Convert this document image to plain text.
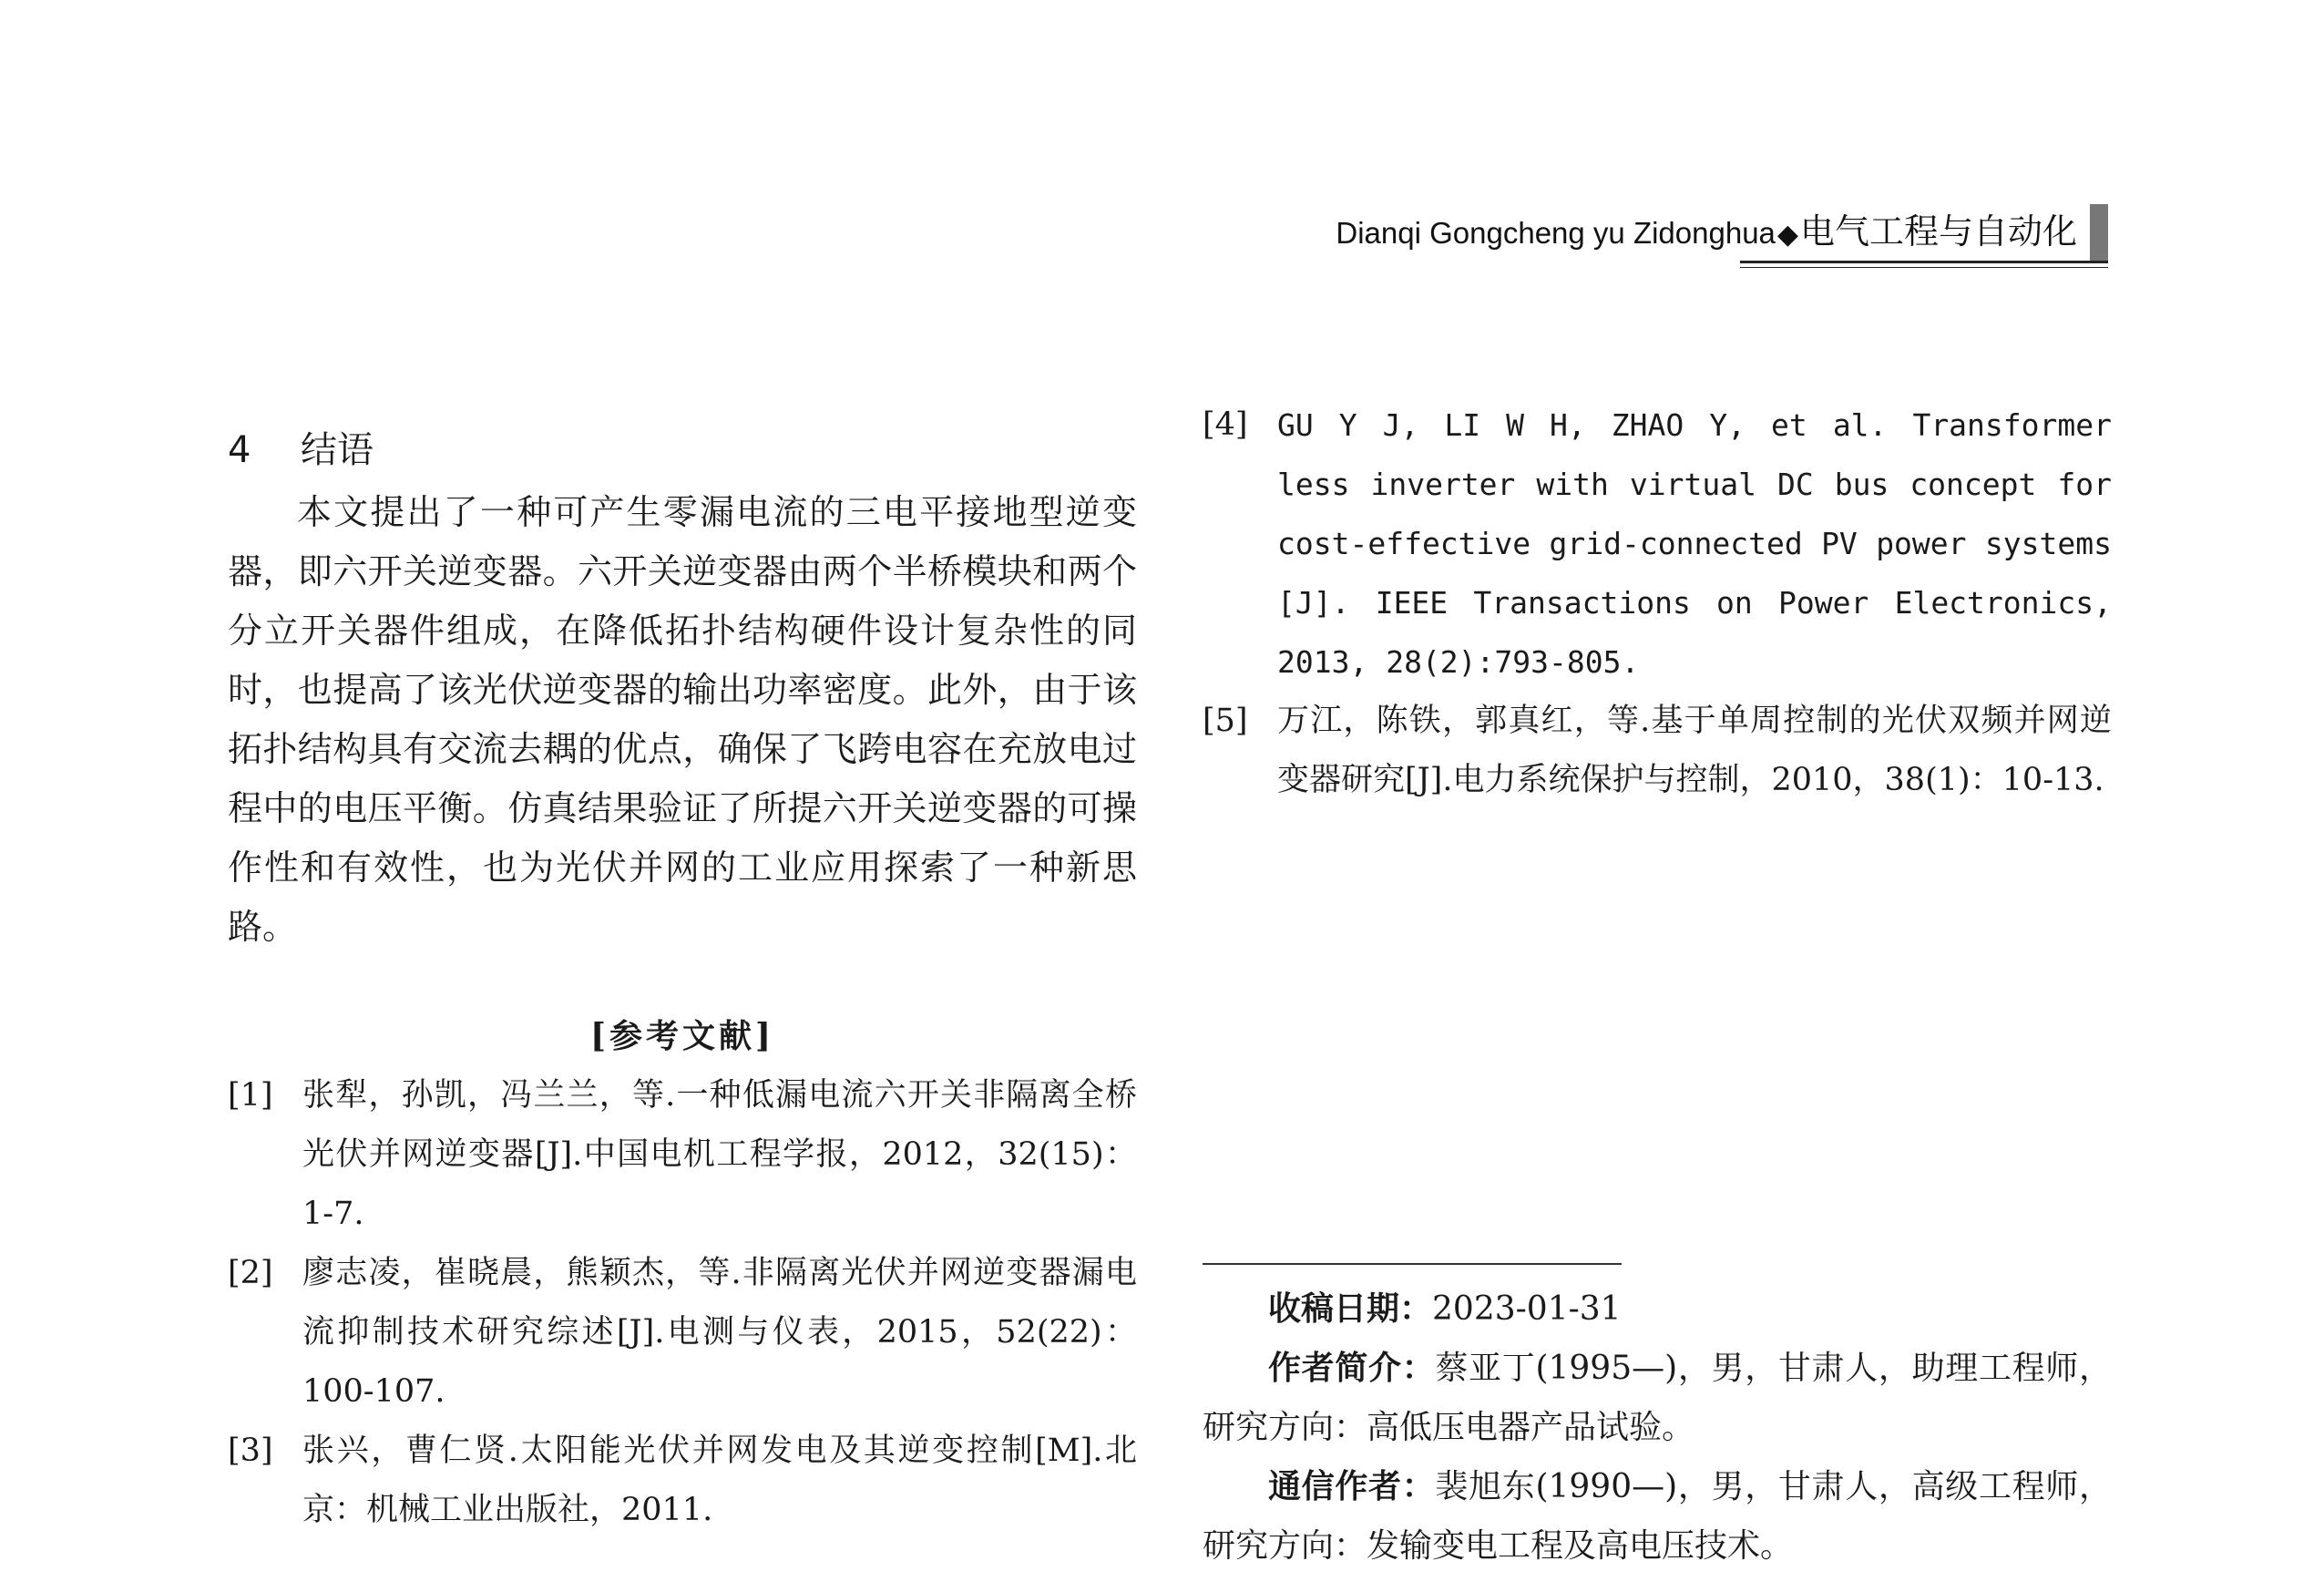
Dianqi Gongcheng yu Zidonghua◆电气工程与自动化
4 结语

本文提出了一种可产生零漏电流的三电平接地型逆变器，即六开关逆变器。六开关逆变器由两个半桥模块和两个分立开关器件组成，在降低拓扑结构硬件设计复杂性的同时，也提高了该光伏逆变器的输出功率密度。此外，由于该拓扑结构具有交流去耦的优点，确保了飞跨电容在充放电过程中的电压平衡。仿真结果验证了所提六开关逆变器的可操作性和有效性，也为光伏并网的工业应用探索了一种新思路。

[参考文献]
[1] 张犁，孙凯，冯兰兰，等.一种低漏电流六开关非隔离全桥光伏并网逆变器[J].中国电机工程学报，2012，32(15)：1-7.
[2] 廖志凌，崔晓晨，熊颖杰，等.非隔离光伏并网逆变器漏电流抑制技术研究综述[J].电测与仪表，2015，52(22)：100-107.
[3] 张兴，曹仁贤.太阳能光伏并网发电及其逆变控制[M].北京：机械工业出版社，2011.
[4] GU Y J, LI W H, ZHAO Y, et al. Transformer less inverter with virtual DC bus concept for cost-effective grid-connected PV power systems [J]. IEEE Transactions on Power Electronics, 2013, 28(2):793-805.
[5] 万江，陈铁，郭真红，等.基于单周控制的光伏双频并网逆变器研究[J].电力系统保护与控制，2010，38(1)：10-13.

收稿日期：2023-01-31

作者简介：蔡亚丁(1995—)，男，甘肃人，助理工程师，研究方向：高低压电器产品试验。

通信作者：裴旭东(1990—)，男，甘肃人，高级工程师，研究方向：发输变电工程及高电压技术。
